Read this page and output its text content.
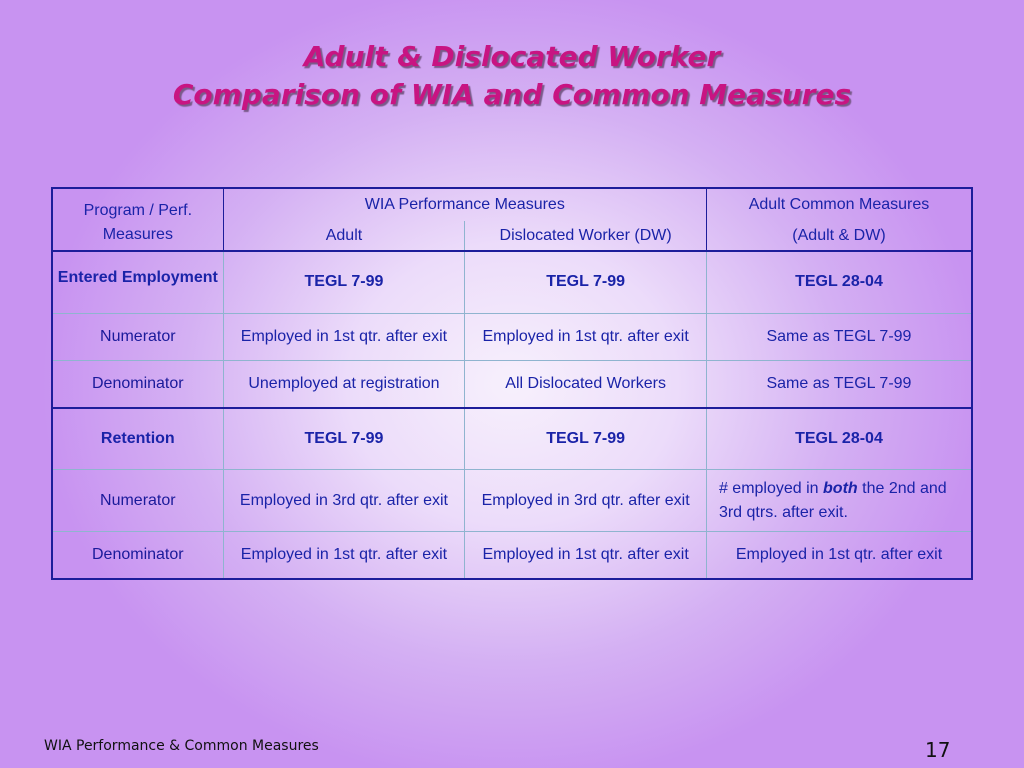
Adult & Dislocated Worker
Comparison of WIA and Common Measures
Program / Perf. Measures	WIA Performance Measures		Adult Common Measures
	Adult	Dislocated Worker (DW)	(Adult & DW)
Entered Employment	TEGL 7-99	TEGL 7-99	TEGL 28-04
Numerator	Employed in 1st qtr. after exit	Employed in 1st qtr. after exit	Same as TEGL 7-99
Denominator	Unemployed at registration	All Dislocated Workers	Same as TEGL 7-99
Retention	TEGL 7-99	TEGL 7-99	TEGL 28-04
Numerator	Employed in 3rd qtr. after exit	Employed in 3rd qtr. after exit	# employed in both the 2nd and 3rd qtrs. after exit.
Denominator	Employed in 1st qtr. after exit	Employed in 1st qtr. after exit	Employed in 1st qtr. after exit
WIA Performance & Common Measures	17
